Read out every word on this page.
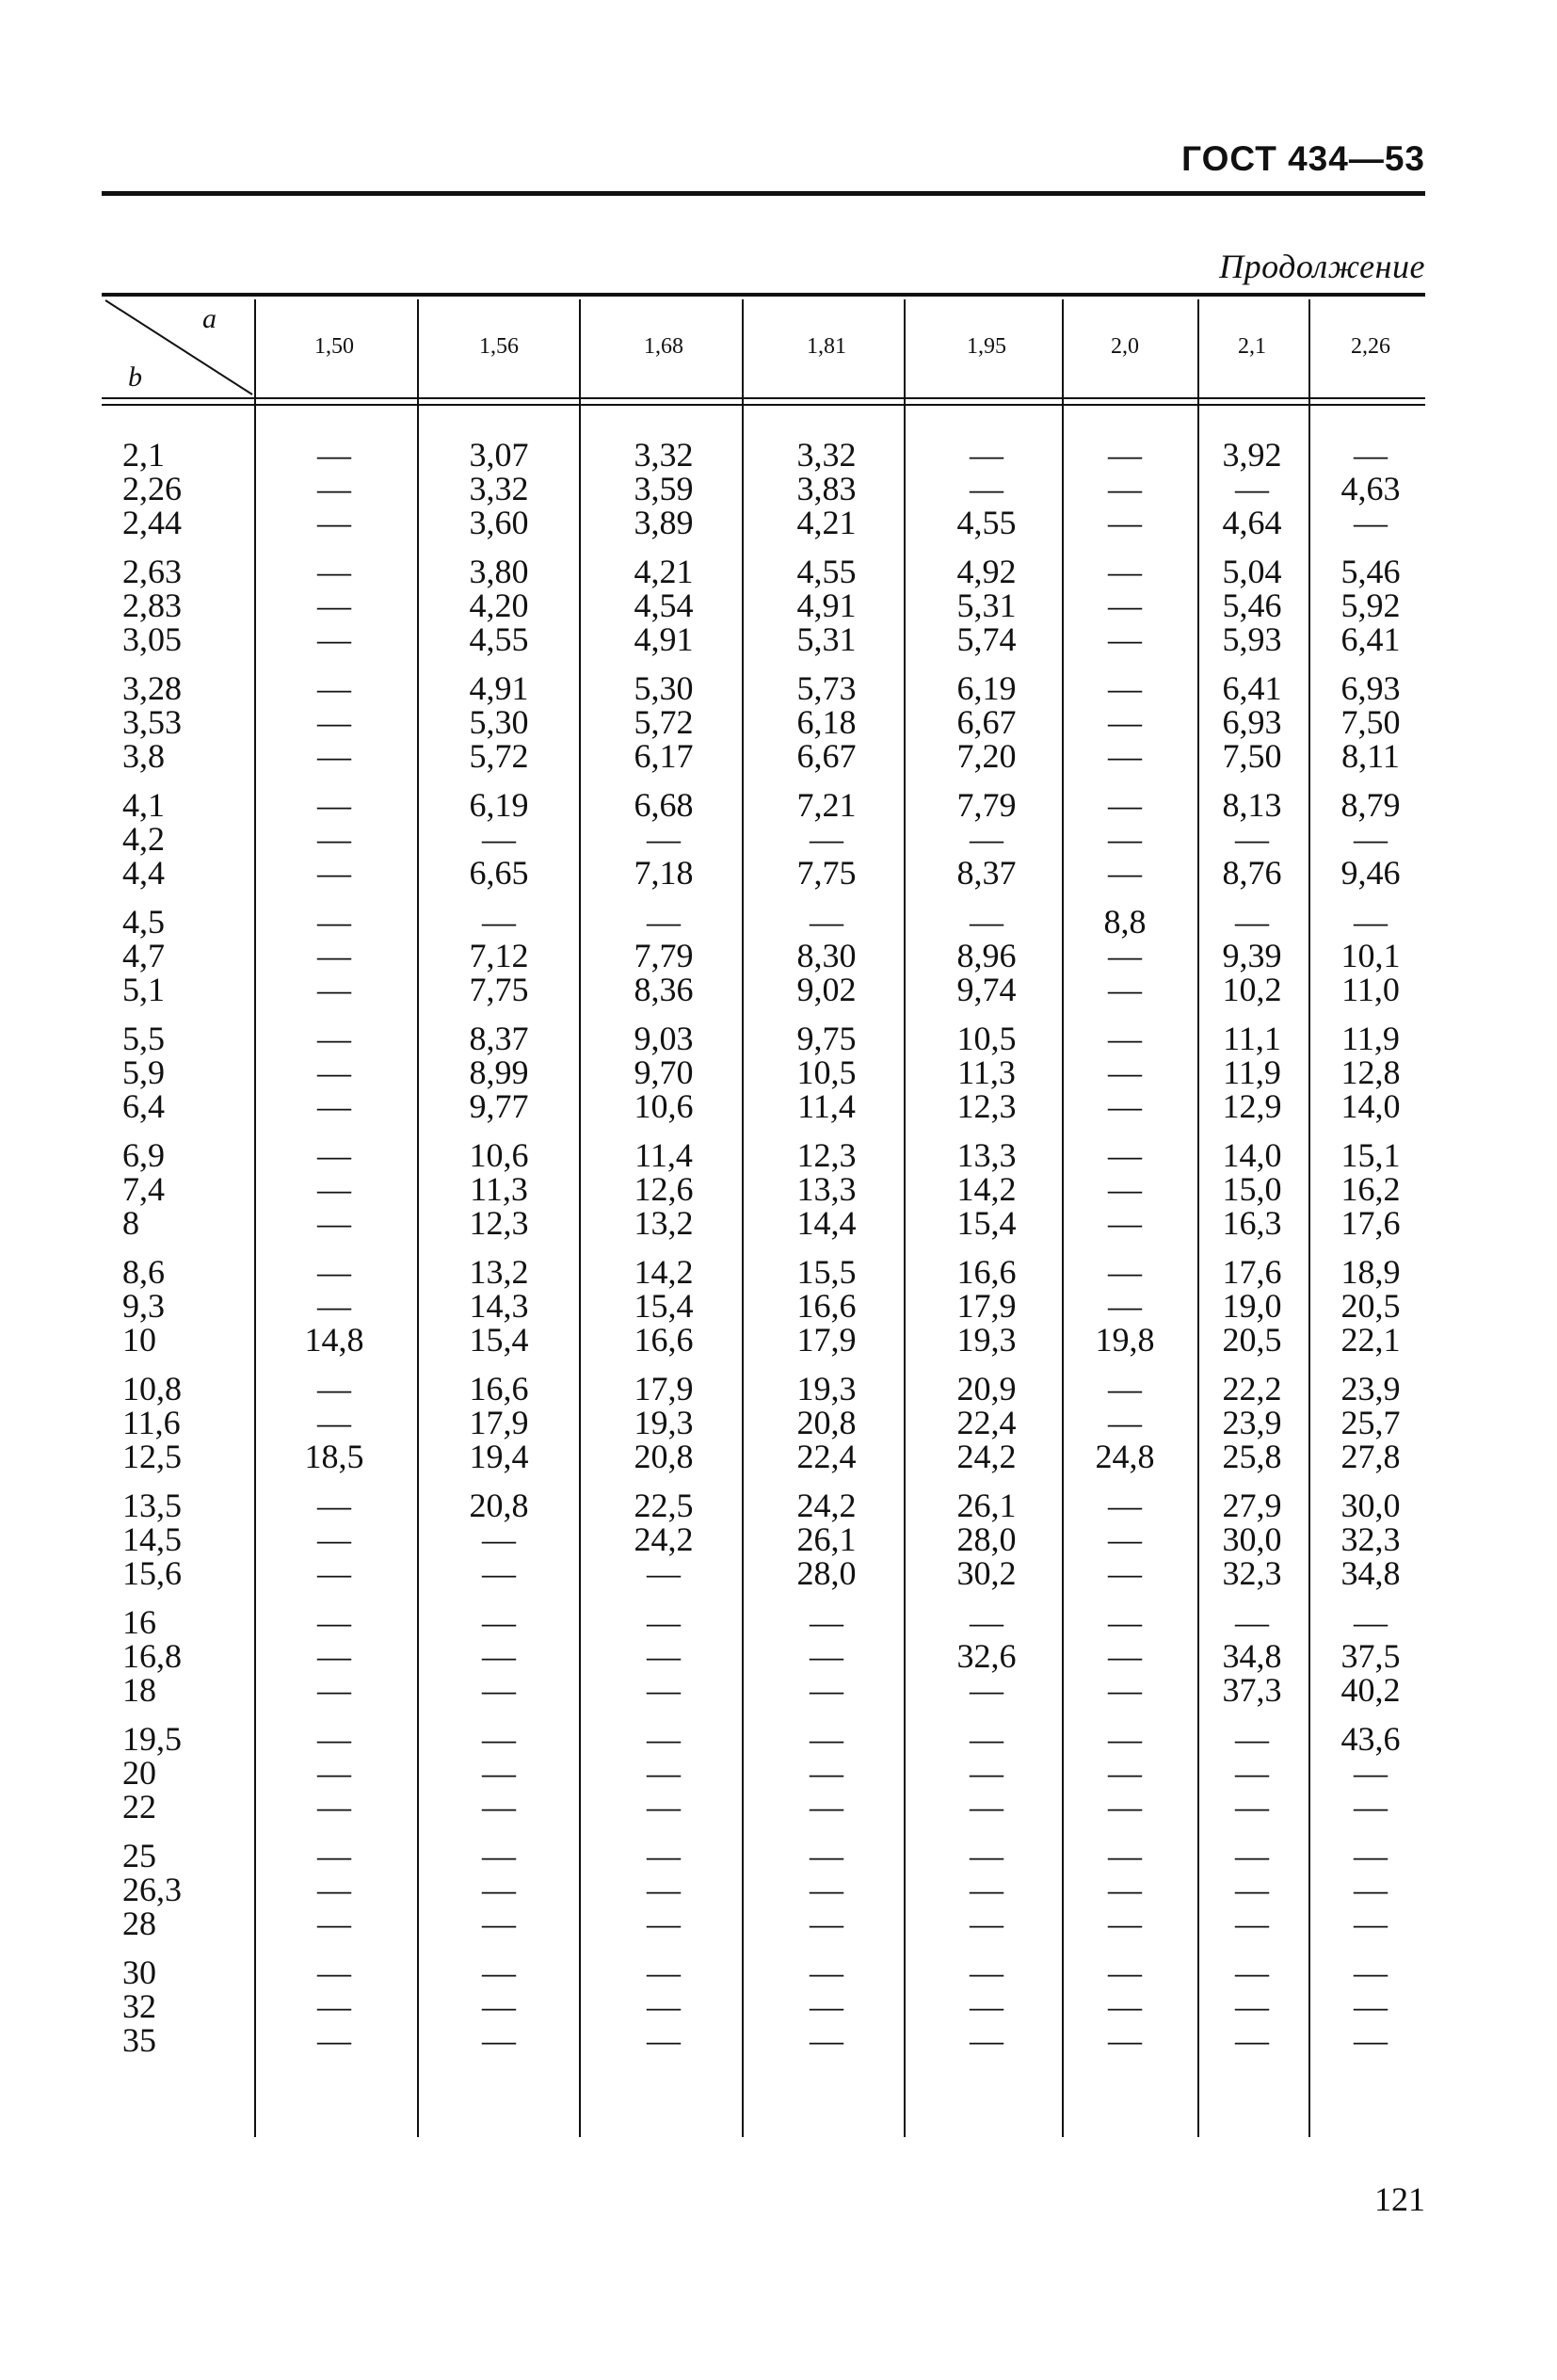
ГОСТ 434—53
Продолжение
a
b
1,50	1,56	1,68	1,81	1,95	2,0	2,1	2,26
2,1	—	3,07	3,32	3,32	—	— 3,92 —
2,26	—	3,32	3,59	3,83	—	—	— 4,63
2,44	—	3,60	3,89	4,21	4,55	— 4,64 —
2,63	—	3,80	4,21	4,55	4,92	— 5,04 5,46
2,83	—	4,20	4,54	4,91	5,31	— 5,46 5,92
3,05	—	4,55	4,91	5,31	5,74	— 5,93 6,41
3,28	—	4,91	5,30	5,73	6,19	— 6,41 6,93
3,53	—	5,30	5,72	6,18	6,67	— 6,93 7,50
3,8	—	5,72	6,17	6,67	7,20	— 7,50 8,11
4,1	—	6,19	6,68	7,21	7,79	— 8,13 8,79
4,2	—	—	—	—	—	—	—	—
4,4	—	6,65	7,18	7,75	8,37	— 8,76 9,46
4,5	—	—	—	—	—	8,8	—	—
4,7	—	7,12	7,79	8,30	8,96	— 9,39 10,1
5,1	—	7,75	8,36	9,02	9,74	— 10,2 11,0
5,5	—	8,37	9,03	9,75	10,5	— 11,1 11,9
5,9	—	8,99	9,70	10,5	11,3	— 11,9 12,8
6,4	—	9,77	10,6	11,4	12,3	— 12,9 14,0
6,9	—	10,6	11,4	12,3	13,3	— 14,0 15,1
7,4	—	11,3	12,6	13,3	14,2	— 15,0 16,2
8	—	12,3	13,2	14,4	15,4	— 16,3 17,6
8,6	—	13,2	14,2	15,5	16,6	— 17,6 18,9
9,3	—	14,3	15,4	16,6	17,9	— 19,0 20,5
10	14,8	15,4	16,6	17,9	19,3 19,8 20,5 22,1
10,8	—	16,6	17,9	19,3	20,9	— 22,2 23,9
11,6	—	17,9	19,3	20,8	22,4	— 23,9 25,7
12,5	18,5	19,4	20,8	22,4	24,2 24,8 25,8 27,8
13,5	—	20,8	22,5	24,2	26,1	— 27,9 30,0
14,5	—	—	24,2	26,1	28,0	— 30,0 32,3
15,6	—	—	—	28,0	30,2	— 32,3 34,8
16	—	—	—	—	—	—	—	—
16,8	—	—	—	—	32,6	— 34,8 37,5
18	—	—	—	—	—	— 37,3 40,2
19,5	—	—	—	—	—	—	— 43,6
20	—	—	—	—	—	—	—	—
22	—	—	—	—	—	—	—	—
25	—	—	—	—	—	—	—	—
26,3	—	—	—	—	—	—	—	—
28	—	—	—	—	—	—	—	—
30	—	—	—	—	—	—	—	—
32	—	—	—	—	—	—	—	—
35	—	—	—	—	—	—	—	—
121
